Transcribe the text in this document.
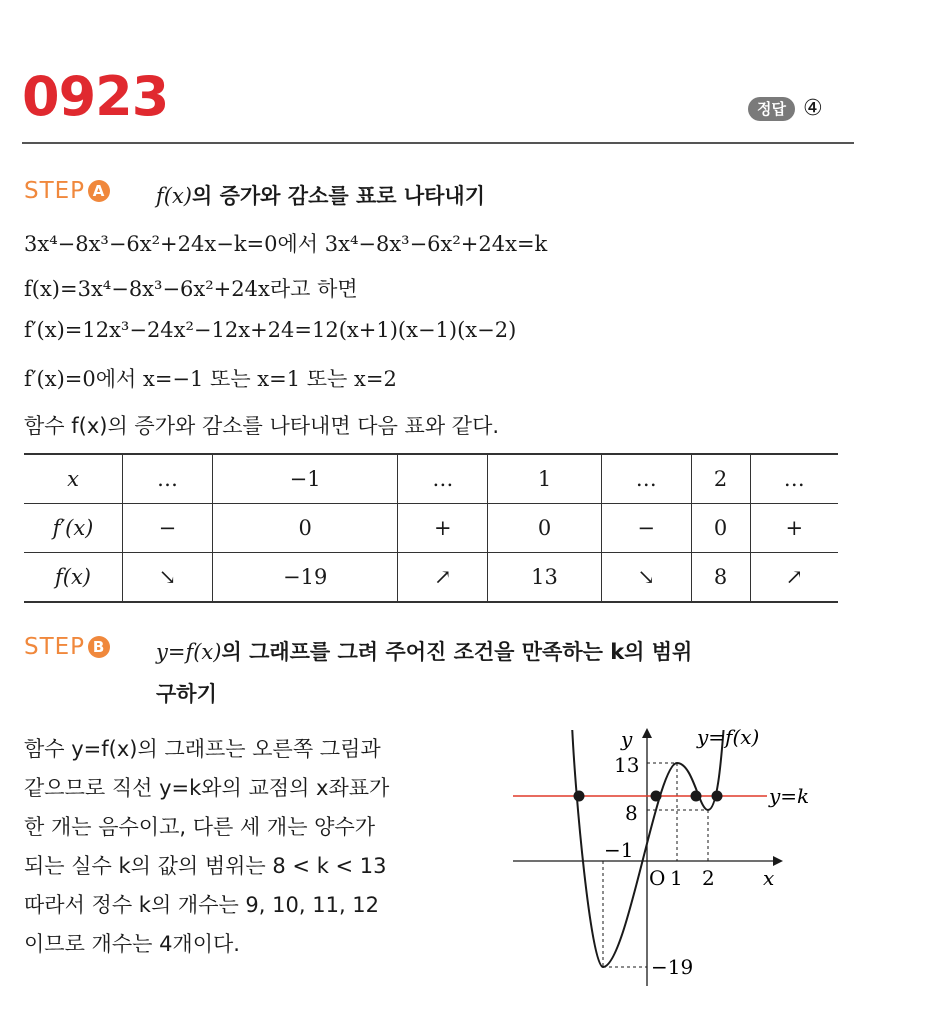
0923	정답 ④
STEP A f(x)의 증가와 감소를 표로 나타내기
3x⁴−8x³−6x²+24x−k=0에서 3x⁴−8x³−6x²+24x=k
f(x)=3x⁴−8x³−6x²+24x라고 하면
f′(x)=12x³−24x²−12x+24=12(x+1)(x−1)(x−2)
f′(x)=0에서 x=−1 또는 x=1 또는 x=2
함수 f(x)의 증가와 감소를 나타내면 다음 표와 같다.
x	…	−1	…	1	…	2	…
f′(x)	−	0	+	0	−	0	+
f(x)	↘	−19	↗	13	↘	8	↗
STEP B y=f(x)의 그래프를 그려 주어진 조건을 만족하는 k의 범위
구하기
함수 y=f(x)의 그래프는 오른쪽 그림과
같으므로 직선 y=k와의 교점의 x좌표가
한 개는 음수이고, 다른 세 개는 양수가
되는 실수 k의 값의 범위는 8 < k < 13
따라서 정수 k의 개수는 9, 10, 11, 12
이므로 개수는 4개이다.
y	y=f(x)
y=k
13
8
−1
O 1 2 x
−19
